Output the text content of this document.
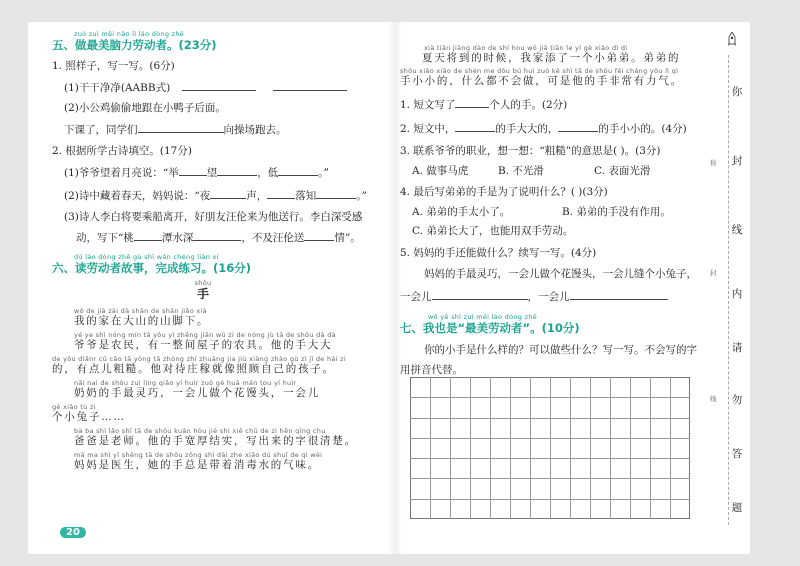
zuò zuì měi nǎo lì láo dòng zhě

五、做最美脑力劳动者。(23分)

1. 照样子，写一写。(6分)
(1)干干净净(AABB式)
(2)小公鸡偷偷地跟在小鸭子后面。
下课了，同学们	向操场跑去。
2. 根据所学古诗填空。(17分)
(1)爷爷望着月亮说：“举	望	，低	。”
(2)诗中藏着春天，妈妈说：“夜	声，	落知	。”
(3)诗人李白将要乘船离开，好朋友汪伦来为他送行。李白深受感
动，写下“桃	潭水深	，不及汪伦送	情”。
dú láo dòng zhě gù shì wán chéng liàn xí

六、读劳动者故事，完成练习。(16分)

shǒu
手
wǒ de jiā zài dà shān de shān jiǎo xià
我的家在大山的山脚下。
yé ye shì nóng mín tā yǒu yì zhěng jiān wū zi de nóng jù tā de shǒu dà dà
爷爷是农民，有一整间屋子的农具。他的手大大
de yǒu diǎnr cū cāo tā yòng tā zhòng zhí zhuāng jia jiù xiàng zhào gù zì jǐ de hái zi
的，有点儿粗糙。他对待庄稼就像照顾自己的孩子。
nǎi nai de shǒu zuì líng qiǎo yí huìr zuò gè huā mán tou yí huìr
奶奶的手最灵巧，一会儿做个花馒头，一会儿
gè xiǎo tù zi
个小兔子……
bà ba shì lǎo shī tā de shǒu kuān hòu jié shi xiě chū de zì hěn qīng chu
爸爸是老师。他的手宽厚结实，写出来的字很清楚。
mā ma shì yī shēng tā de shǒu zǒng shì dài zhe xiāo dú shuǐ de qì wèi
妈妈是医生，她的手总是带着消毒水的气味。
20
xià tiān jiāng dào de shí hou wǒ jiā tiān le yí gè xiǎo dì di
夏天将到的时候，我家添了一个小弟弟。弟弟的
shǒu xiǎo xiǎo de shén me dōu bú huì zuò kě shì tā de shǒu fēi cháng yǒu lì qì
手小小的，什么都不会做，可是他的手非常有力气。
1. 短文写了	个人的手。(2分)
2. 短文中，	的手大大的，	的手小小的。(4分)
3. 联系爷爷的职业，想一想：“粗糙”的意思是( )。(3分)
A. 做事马虎	B. 不光滑	C. 表面光滑
4. 最后写弟弟的手是为了说明什么？( )(3分)
A. 弟弟的手太小了。	B. 弟弟的手没有作用。
C. 弟弟长大了，也能用双手劳动。
5. 妈妈的手还能做什么？续写一写。(4分)
妈妈的手最灵巧，一会儿做个花馒头，一会儿缝个小兔子，
一会儿	，一会儿
wǒ yě shì zuì měi láo dòng zhě

七、我也是“最美劳动者”。(10分)

你的小手是什么样的？可以做些什么？写一写。不会写的字
用拼音代替。
你
封
线
内
请
勿
答
题
你
封
线
